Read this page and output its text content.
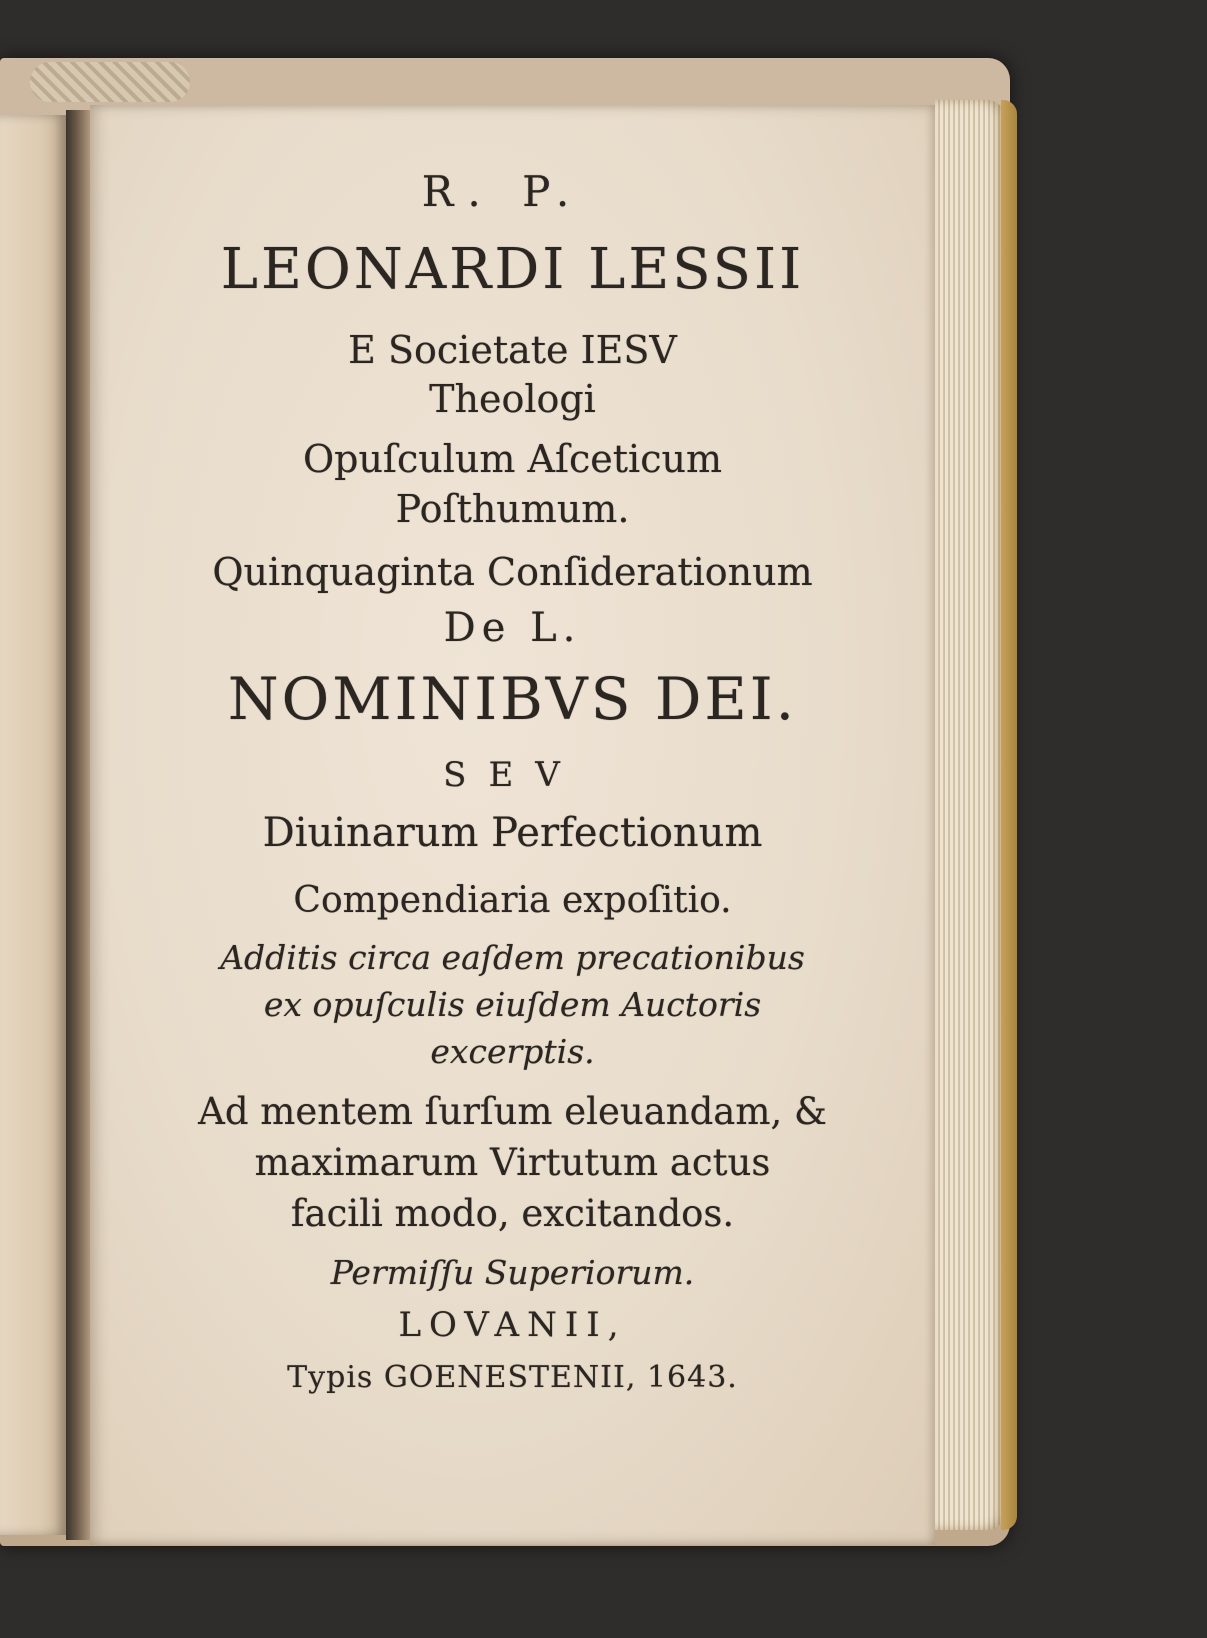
R. P.
LEONARDI LESSII
E Societate IESV
Theologi
Opuſculum Aſceticum
Poſthumum.
Quinquaginta Conſiderationum
De L.
NOMINIBVS DEI.
SEV
Diuinarum Perfectionum
Compendiaria expoſitio.
Additis circa eaſdem precationibus
ex opuſculis eiuſdem Auctoris
excerptis.
Ad mentem ſurſum eleuandam, &
maximarum Virtutum actus
facili modo, excitandos.
Permiſſu Superiorum.
LOVANII,
Typis GOENESTENII, 1643.
